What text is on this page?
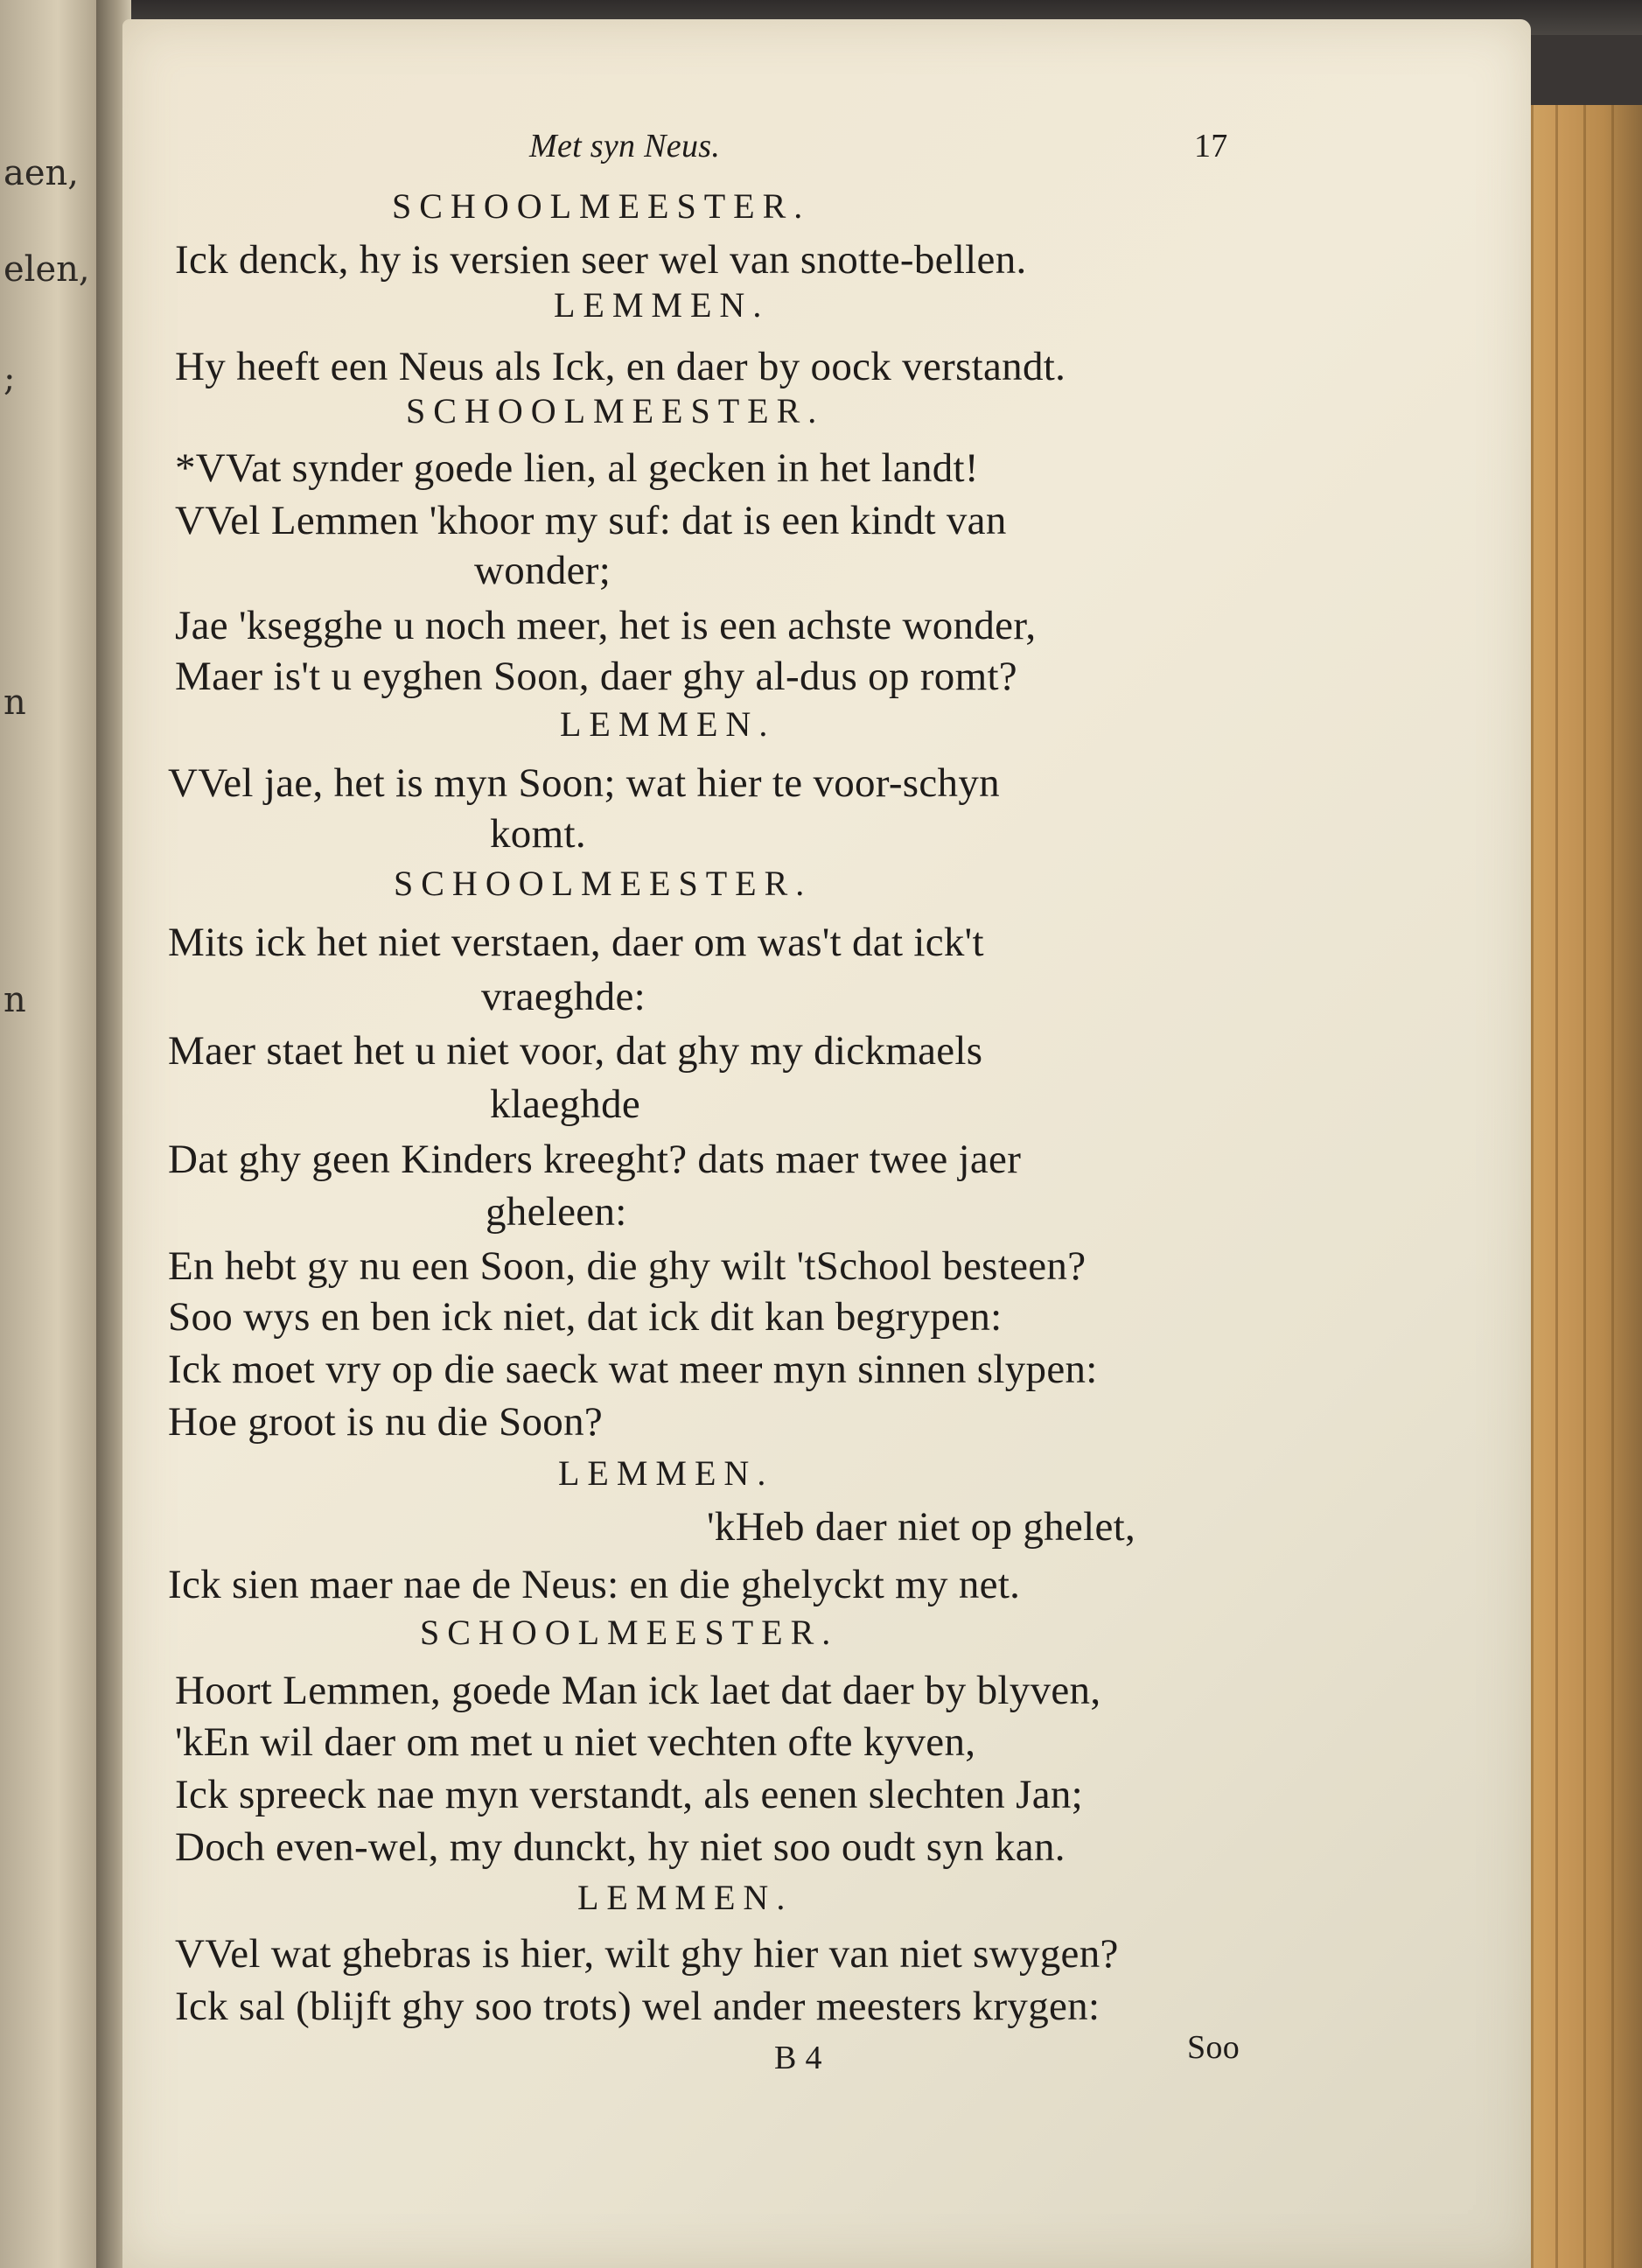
aen,
elen,
;
n
n
Met syn Neus.	17
SCHOOLMEESTER.
Ick denck, hy is versien seer wel van snotte-bellen.
LEMMEN.
Hy heeft een Neus als Ick, en daer by oock verstandt.
SCHOOLMEESTER.
*VVat synder goede lien, al gecken in het landt!
VVel Lemmen 'khoor my suf: dat is een kindt van
wonder;
Jae 'ksegghe u noch meer, het is een achste wonder,
Maer is't u eyghen Soon, daer ghy al-dus op romt?
LEMMEN.
VVel jae, het is myn Soon; wat hier te voor-schyn
komt.
SCHOOLMEESTER.
Mits ick het niet verstaen, daer om was't dat ick't
vraeghde:
Maer staet het u niet voor, dat ghy my dickmaels
klaeghde
Dat ghy geen Kinders kreeght? dats maer twee jaer
gheleen:
En hebt gy nu een Soon, die ghy wilt 'tSchool besteen?
Soo wys en ben ick niet, dat ick dit kan begrypen:
Ick moet vry op die saeck wat meer myn sinnen slypen:
Hoe groot is nu die Soon?
LEMMEN.
'kHeb daer niet op ghelet,
Ick sien maer nae de Neus: en die ghelyckt my net.
SCHOOLMEESTER.
Hoort Lemmen, goede Man ick laet dat daer by blyven,
'kEn wil daer om met u niet vechten ofte kyven,
Ick spreeck nae myn verstandt, als eenen slechten Jan;
Doch even-wel, my dunckt, hy niet soo oudt syn kan.
LEMMEN.
VVel wat ghebras is hier, wilt ghy hier van niet swygen?
Ick sal (blijft ghy soo trots) wel ander meesters krygen:
B 4	Soo
